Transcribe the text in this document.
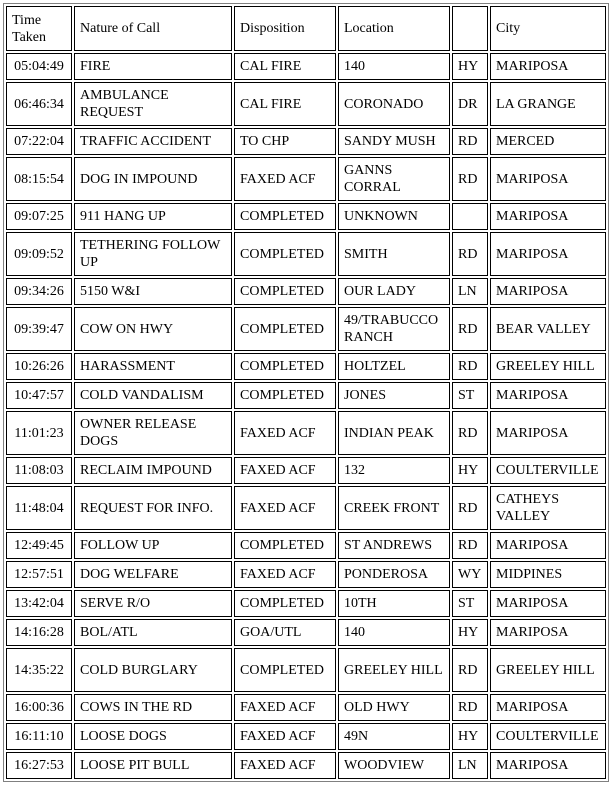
Time Taken	Nature of Call	Disposition	Location		City
05:04:49	FIRE	CAL FIRE	140	HY	MARIPOSA
06:46:34	AMBULANCE REQUEST	CAL FIRE	CORONADO	DR	LA GRANGE
07:22:04	TRAFFIC ACCIDENT	TO CHP	SANDY MUSH	RD	MERCED
08:15:54	DOG IN IMPOUND	FAXED ACF	GANNS CORRAL	RD	MARIPOSA
09:07:25	911 HANG UP	COMPLETED	UNKNOWN		MARIPOSA
09:09:52	TETHERING FOLLOW UP	COMPLETED	SMITH	RD	MARIPOSA
09:34:26	5150 W&I	COMPLETED	OUR LADY	LN	MARIPOSA
09:39:47	COW ON HWY	COMPLETED	49/TRABUCCO RANCH	RD	BEAR VALLEY
10:26:26	HARASSMENT	COMPLETED	HOLTZEL	RD	GREELEY HILL
10:47:57	COLD VANDALISM	COMPLETED	JONES	ST	MARIPOSA
11:01:23	OWNER RELEASE DOGS	FAXED ACF	INDIAN PEAK	RD	MARIPOSA
11:08:03	RECLAIM IMPOUND	FAXED ACF	132	HY	COULTERVILLE
11:48:04	REQUEST FOR INFO.	FAXED ACF	CREEK FRONT	RD	CATHEYS VALLEY
12:49:45	FOLLOW UP	COMPLETED	ST ANDREWS	RD	MARIPOSA
12:57:51	DOG WELFARE	FAXED ACF	PONDEROSA	WY	MIDPINES
13:42:04	SERVE R/O	COMPLETED	10TH	ST	MARIPOSA
14:16:28	BOL/ATL	GOA/UTL	140	HY	MARIPOSA
14:35:22	COLD BURGLARY	COMPLETED	GREELEY HILL	RD	GREELEY HILL
16:00:36	COWS IN THE RD	FAXED ACF	OLD HWY	RD	MARIPOSA
16:11:10	LOOSE DOGS	FAXED ACF	49N	HY	COULTERVILLE
16:27:53	LOOSE PIT BULL	FAXED ACF	WOODVIEW	LN	MARIPOSA
